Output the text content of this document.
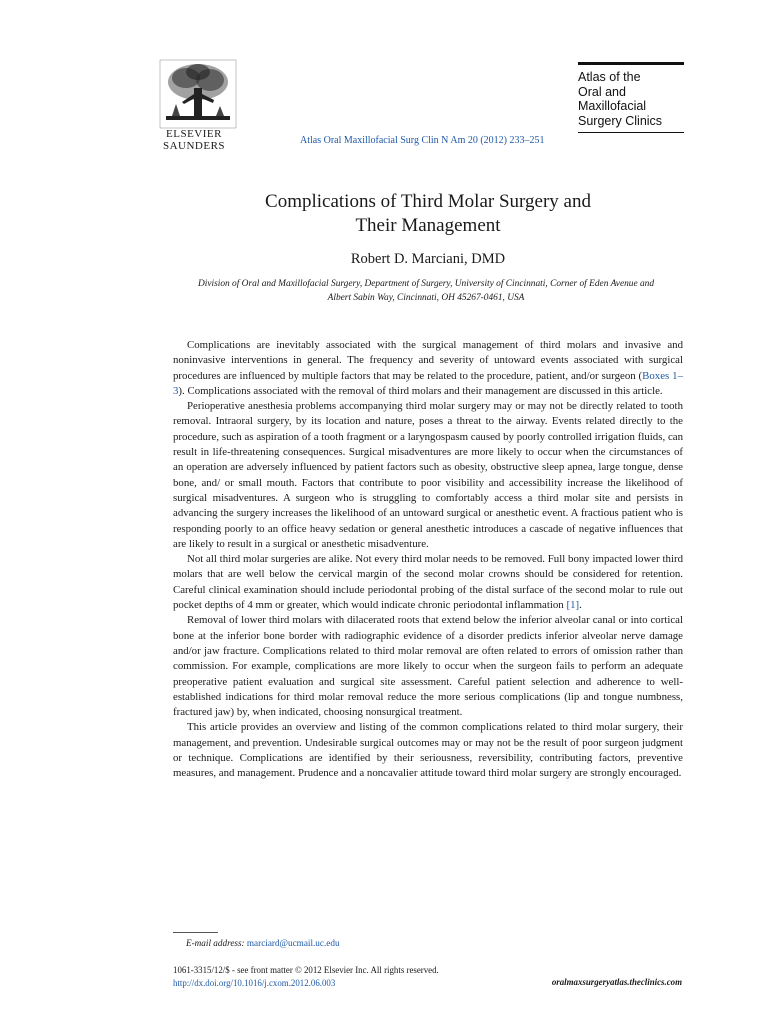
ELSEVIER
SAUNDERS	Atlas Oral Maxillofacial Surg Clin N Am 20 (2012) 233–251
Atlas of the
Oral and
Maxillofacial
Surgery Clinics
Complications of Third Molar Surgery and
Their Management
Robert D. Marciani, DMD
Division of Oral and Maxillofacial Surgery, Department of Surgery, University of Cincinnati, Corner of Eden Avenue and
Albert Sabin Way, Cincinnati, OH 45267-0461, USA

Complications are inevitably associated with the surgical management of third molars and invasive and noninvasive interventions in general. The frequency and severity of untoward events associated with surgical procedures are influenced by multiple factors that may be related to the procedure, patient, and/or surgeon (Boxes 1–3). Complications associated with the removal of third molars and their management are discussed in this article.

Perioperative anesthesia problems accompanying third molar surgery may or may not be directly related to tooth removal. Intraoral surgery, by its location and nature, poses a threat to the airway. Events related directly to the procedure, such as aspiration of a tooth fragment or a laryngospasm caused by poorly controlled irrigation fluids, can result in life-threatening consequences. Surgical misadventures are more likely to occur when the circumstances of an operation are adversely influenced by patient factors such as obesity, obstructive sleep apnea, large tongue, dense bone, and/ or small mouth. Factors that contribute to poor visibility and accessibility increase the likelihood of surgical misadventures. A surgeon who is struggling to comfortably access a third molar site and persists in advancing the surgery increases the likelihood of an untoward surgical or anesthetic event. A fractious patient who is responding poorly to an office heavy sedation or general anesthetic introduces a cascade of negative influences that are likely to result in a surgical or anesthetic misadventure.

Not all third molar surgeries are alike. Not every third molar needs to be removed. Full bony impacted lower third molars that are well below the cervical margin of the second molar crowns should be considered for retention. Careful clinical examination should include periodontal probing of the distal surface of the second molar to rule out pocket depths of 4 mm or greater, which would indicate chronic periodontal inflammation [1].

Removal of lower third molars with dilacerated roots that extend below the inferior alveolar canal or into cortical bone at the inferior bone border with radiographic evidence of a disorder predicts inferior alveolar nerve damage and/or jaw fracture. Complications related to third molar removal are often related to errors of omission rather than commission. For example, complications are more likely to occur when the surgeon fails to perform an adequate preoperative patient evaluation and surgical site assessment. Careful patient selection and adherence to well-established indications for third molar removal reduce the more serious complications (lip and tongue numbness, fractured jaw) by, when indicated, choosing nonsurgical treatment.

This article provides an overview and listing of the common complications related to third molar surgery, their management, and prevention. Undesirable surgical outcomes may or may not be the result of poor surgeon judgment or technique. Complications are identified by their seriousness, reversibility, contributing factors, preventive measures, and management. Prudence and a noncavalier attitude toward third molar surgery are strongly encouraged.

E-mail address: marciard@ucmail.uc.edu
1061-3315/12/$ - see front matter © 2012 Elsevier Inc. All rights reserved.
http://dx.doi.org/10.1016/j.cxom.2012.06.003	oralmaxsurgeryatlas.theclinics.com
